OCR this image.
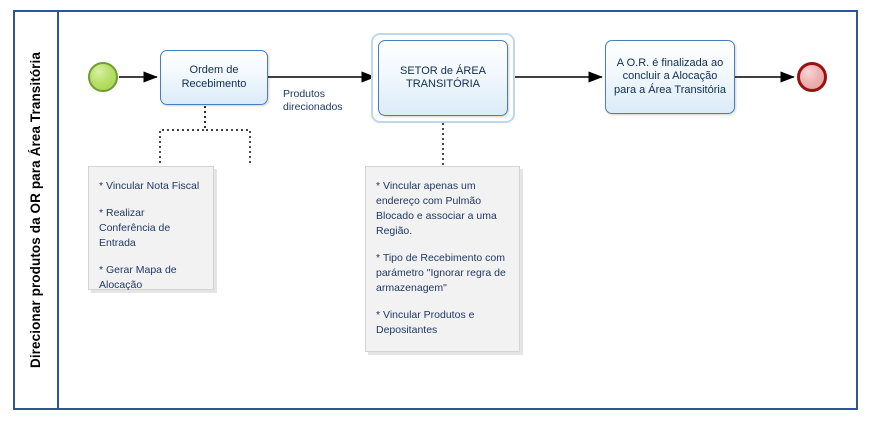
Direcionar produtos da OR para Área Transitória	Ordem de Recebimento
Produtos direcionados
SETOR de ÁREA TRANSITÓRIA
A O.R. é finalizada ao concluir a Alocação para a Área Transitória

* Vincular Nota Fiscal

* Realizar Conferência de Entrada

* Gerar Mapa de Alocação

* Vincular apenas um endereço com Pulmão Blocado e associar a uma Região.

* Tipo de Recebimento com parámetro "Ignorar regra de armazenagem"

* Vincular Produtos e Depositantes
